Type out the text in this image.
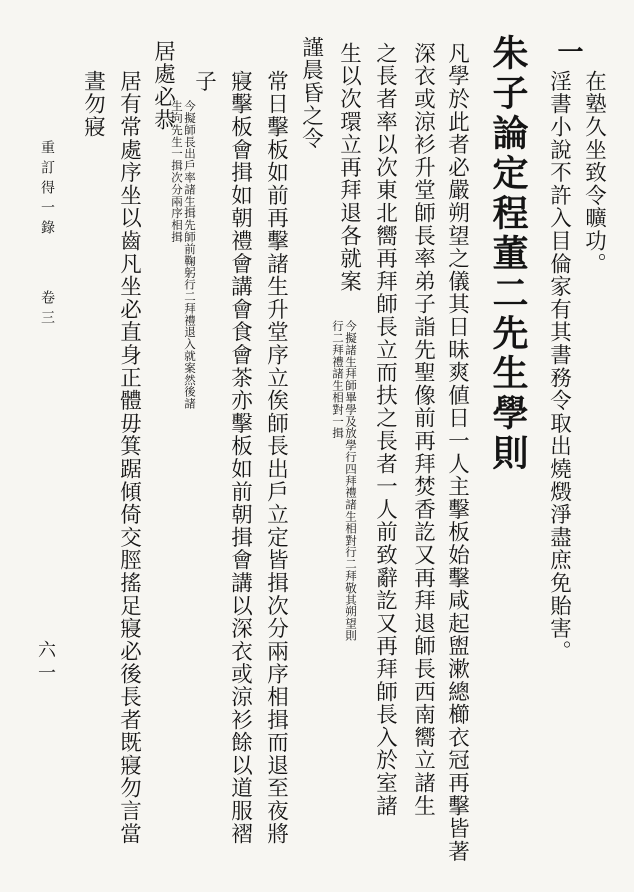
一
在塾久坐致令曠功。
淫書小說不許入目倫家有其書務令取出燒燬淨盡庶免貽害。
朱子論定程董二先生學則
凡學於此者必嚴朔望之儀其日昧爽値日一人主擊板始擊咸起盥漱總櫛衣冠再擊皆著
深衣或涼衫升堂師長率弟子詣先聖像前再拜焚香訖又再拜退師長西南嚮立諸生
之長者率以次東北嚮再拜師長立而扶之長者一人前致辭訖又再拜師長入於室諸
生以次環立再拜退各就案
今擬諸生拜師畢學及放學行四拜禮諸生相對行二拜敬其朔望則行二拜禮諸生相對一揖
謹晨昏之令
常日擊板如前再擊諸生升堂序立俟師長出戶立定皆揖次分兩序相揖而退至夜將
寢擊板會揖如朝禮會講會食會茶亦擊板如前朝揖會講以深衣或涼衫餘以道服褶
子
今擬師長出戶率諸生揖先師前鞠躬行二拜禮退入就案然後諸生向先生一揖次分兩序相揖
居處必恭
居有常處序坐以齒凡坐必直身正體毋箕踞傾倚交脛搖足寢必後長者既寢勿言當
晝勿寢
重訂得一錄
卷三
六一
